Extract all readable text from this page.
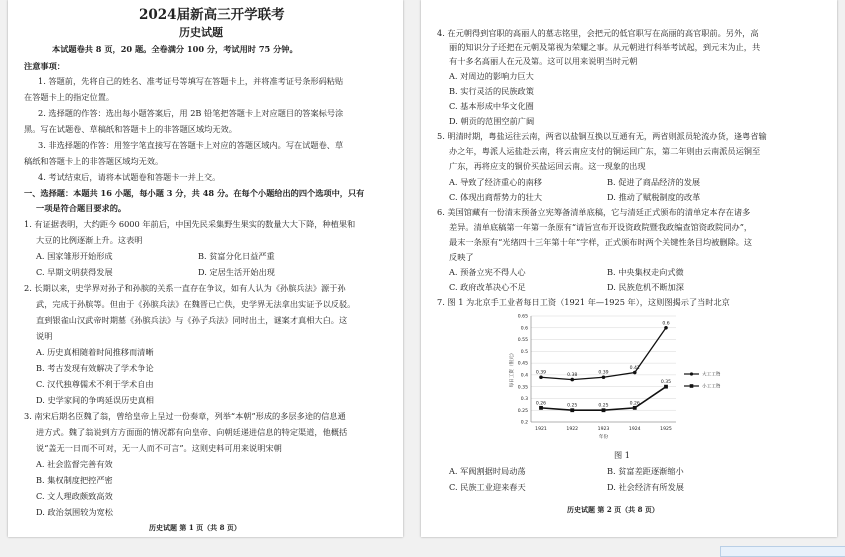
2024届新高三开学联考
历史试题
本试题卷共 8 页，20 题。全卷满分 100 分，考试用时 75 分钟。
注意事项：
1. 答题前，先将自己的姓名、准考证号等填写在答题卡上，并将准考证号条形码粘贴
在答题卡上的指定位置。
2. 选择题的作答：选出每小题答案后，用 2B 铅笔把答题卡上对应题目的答案标号涂
黑。写在试题卷、草稿纸和答题卡上的非答题区域均无效。
3. 非选择题的作答：用签字笔直接写在答题卡上对应的答题区域内。写在试题卷、草
稿纸和答题卡上的非答题区域均无效。
4. 考试结束后，请将本试题卷和答题卡一并上交。
一、选择题：本题共 16 小题，每小题 3 分，共 48 分。在每个小题给出的四个选项中，只有
一项是符合题目要求的。
1. 有证据表明，大约距今 6000 年前后，中国先民采集野生果实的数量大大下降，种植果和
大豆的比例逐渐上升。这表明
A. 国家雏形开始形成	B. 贫富分化日益严重
C. 早期文明获得发展	D. 定居生活开始出现
2. 长期以来，史学界对孙子和孙膑的关系一直存在争议，如有人认为《孙膑兵法》源于孙
武，完成于孙膑等。但由于《孙膑兵法》在魏晋已亡佚，史学界无法拿出实证予以反驳。
直到银雀山汉武帝时期墓《孙膑兵法》与《孙子兵法》同时出土，谜案才真相大白。这
说明
A. 历史真相随着时间推移而清晰
B. 考古发现有效解决了学术争论
C. 汉代独尊儒术不利于学术自由
D. 史学家间的争鸣延误历史真相
3. 南宋后期名臣魏了翁，曾给皇帝上呈过一份奏章，列举“本朝”形成的多层多途的信息通
进方式。魏了翁说到方方面面的情况都有向皇帝、向朝廷递进信息的特定渠道，他概括
说“盖无一日而不可对，无一人而不可言”。这则史料可用来说明宋朝
A. 社会监督完善有效
B. 集权制度把控严密
C. 文人理政颇致高效
D. 政治氛围较为宽松
历史试题 第 1 页（共 8 页）
4. 在元朝得到官职的高丽人的墓志铭里，会把元的低官职写在高丽的高官职前。另外，高
丽的知识分子还把在元朝及第视为荣耀之事。从元朝进行科举考试起，到元末为止，共
有十多名高丽人在元及第。这可以用来说明当时元朝
A. 对周边的影响力巨大
B. 实行灵活的民族政策
C. 基本形成中华文化圈
D. 朝贡的范围空前广阔
5. 明清时期，粤盐运往云南，两省以盐铜互换以互通有无，两省则派员轮流办货，逢粤省输
办之年，粤派人运盐赴云南，将云南应支付的铜运回广东，第二年则由云南派员运铜至
广东，再将应支的铜价买盐运回云南。这一现象的出现
A. 导致了经济重心的南移	B. 促进了商品经济的发展
C. 体现出商帮势力的壮大	D. 推动了赋税制度的改革
6. 美国馆藏有一份清末预备立宪筹备清单底稿，它与清廷正式颁布的清单定本存在诸多
差异。清单底稿第一年第一条原有“请旨宣布开设资政院暨我政编查馆资政院同办”，
最末一条原有“光绪四十三年第十年”字样，正式颁布时两个关键性条目均被删除。这
反映了
A. 预备立宪不得人心	B. 中央集权走向式微
C. 政府改革决心不足	D. 民族危机不断加深
7. 图 1 为北京手工业者每日工资（1921 年—1925 年），这则图揭示了当时北京
0.39	0.38	0.39
0.41
0.6
0.26	0.25	0.25	0.26
0.35
0.2
0.25
0.3
0.35
0.4
0.45
0.5
0.55
0.6
0.65
1921	1922	1923	1924	1925
年份
每日工资（银元）	大工工资
小工工资
图 1
A. 军阀割据时局动荡	B. 贫富差距逐渐缩小
C. 民族工业迎来春天	D. 社会经济有所发展
历史试题 第 2 页（共 8 页）
